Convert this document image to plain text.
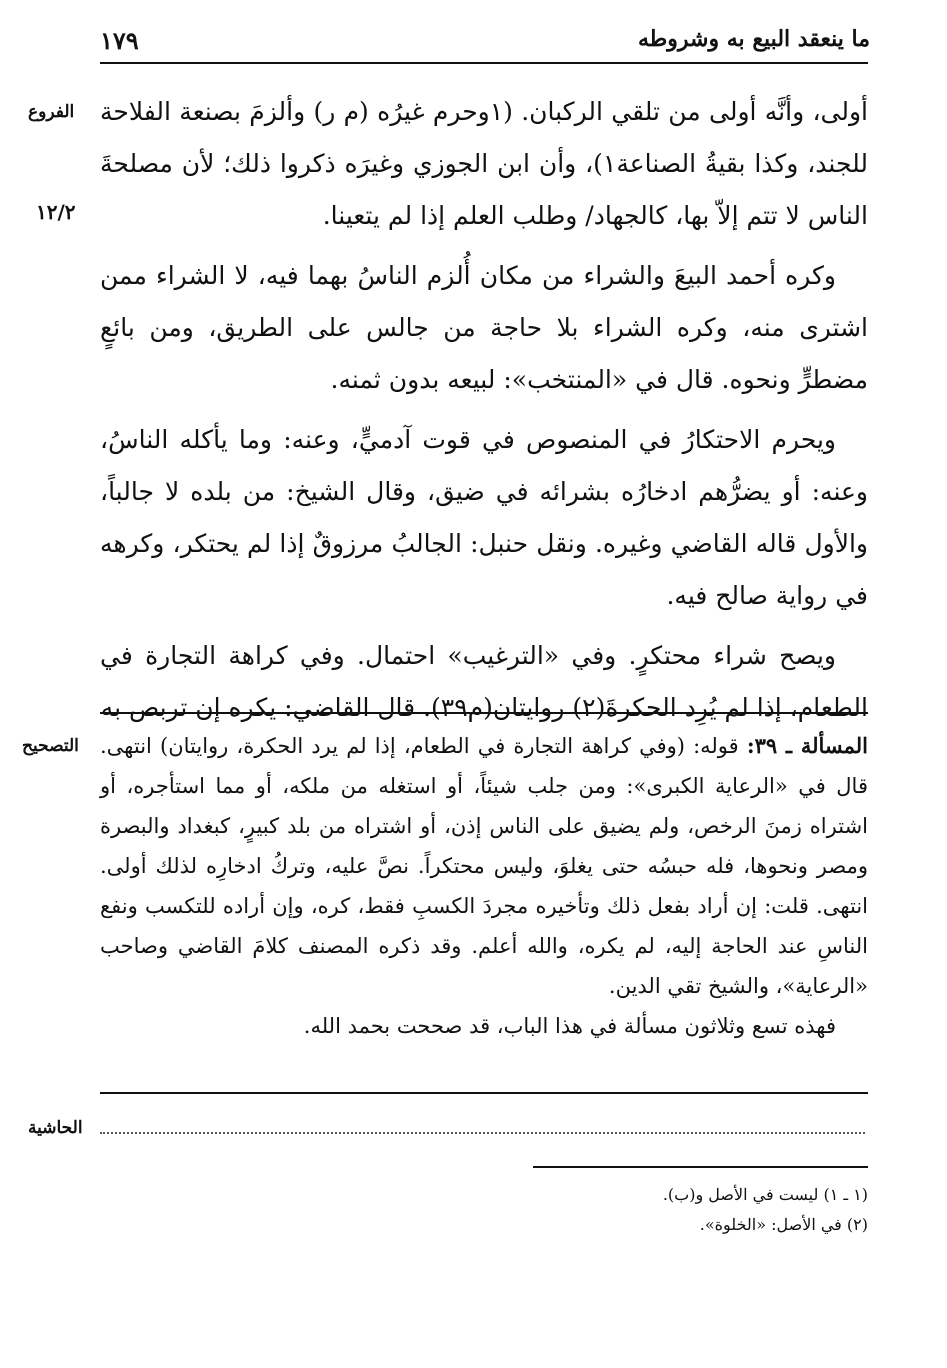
ما ينعقد البيع به وشروطه
١٧٩
الفروع
١٢/٢
التصحيح
الحاشية

أولى، وأنَّه أولى من تلقي الركبان. (١وحرم غيرُه (م ر) وألزمَ بصنعة الفلاحة للجند، وكذا بقيةُ الصناعة١)، وأن ابن الجوزي وغيرَه ذكروا ذلك؛ لأن مصلحةَ الناس لا تتم إلاّ بها، كالجهاد/ وطلب العلم إذا لم يتعينا.

وكره أحمد البيعَ والشراء من مكان أُلزم الناسُ بهما فيه، لا الشراء ممن اشترى منه، وكره الشراء بلا حاجة من جالس على الطريق، ومن بائعٍ مضطرٍّ ونحوه. قال في «المنتخب»: لبيعه بدون ثمنه.

ويحرم الاحتكارُ في المنصوص في قوت آدميٍّ، وعنه: وما يأكله الناسُ، وعنه: أو يضرُّهم ادخارُه بشرائه في ضيق، وقال الشيخ: من بلده لا جالباً، والأول قاله القاضي وغيره. ونقل حنبل: الجالبُ مرزوقٌ إذا لم يحتكر، وكرهه في رواية صالح فيه.

ويصح شراء محتكرٍ. وفي «الترغيب» احتمال. وفي كراهة التجارة في الطعام، إذا لم يُرِد الحكرةَ(٢) روايتان(م٣٩). قال القاضي: يكره إن تربص به

المسألة ـ ٣٩: قوله: (وفي كراهة التجارة في الطعام، إذا لم يرد الحكرة، روايتان) انتهى. قال في «الرعاية الكبرى»: ومن جلب شيئاً، أو استغله من ملكه، أو مما استأجره، أو اشتراه زمنَ الرخص، ولم يضيق على الناس إذن، أو اشتراه من بلد كبيرٍ، كبغداد والبصرة ومصر ونحوها، فله حبسُه حتى يغلوَ، وليس محتكراً. نصَّ عليه، وتركُ ادخارِه لذلك أولى. انتهى. قلت: إن أراد بفعل ذلك وتأخيره مجردَ الكسبِ فقط، كره، وإن أراده للتكسب ونفع الناسِ عند الحاجة إليه، لم يكره، والله أعلم. وقد ذكره المصنف كلامَ القاضي وصاحب «الرعاية»، والشيخ تقي الدين.

فهذه تسع وثلاثون مسألة في هذا الباب، قد صححت بحمد الله.

(١ ـ ١) ليست في الأصل و(ب).

(٢) في الأصل: «الخلوة».
